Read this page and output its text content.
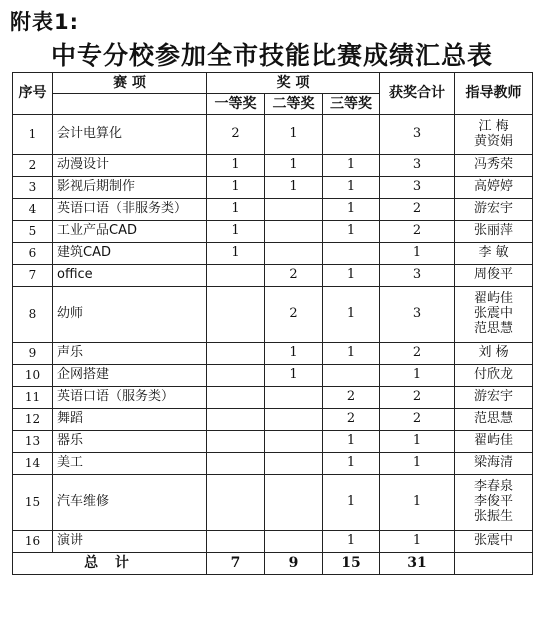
附表1:
中专分校参加全市技能比赛成绩汇总表
序号	赛 项	奖 项			获奖合计	指导教师
		一等奖	二等奖	三等奖		
1	会计电算化	2	1		3	江 梅
黄资娟

2	动漫设计	1	1	1	3	冯秀荣

3	影视后期制作	1	1	1	3	高婷婷

4	英语口语（非服务类）	1		1	2	游宏宇

5	工业产品CAD	1		1	2	张丽萍

6	建筑CAD	1			1	李 敏

7	office		2	1	3	周俊平

8	幼师		2	1	3	翟屿佳
张震中
范思慧

9	声乐		1	1	2	刘 杨

10	企网搭建		1		1	付欣龙

11	英语口语（服务类）			2	2	游宏宇

12	舞蹈			2	2	范思慧

13	器乐			1	1	翟屿佳

14	美工			1	1	梁海清

15	汽车维修			1	1	李春泉
李俊平
张振生

16	演讲			1	1	张震中

总 计		7	9	15	31	
